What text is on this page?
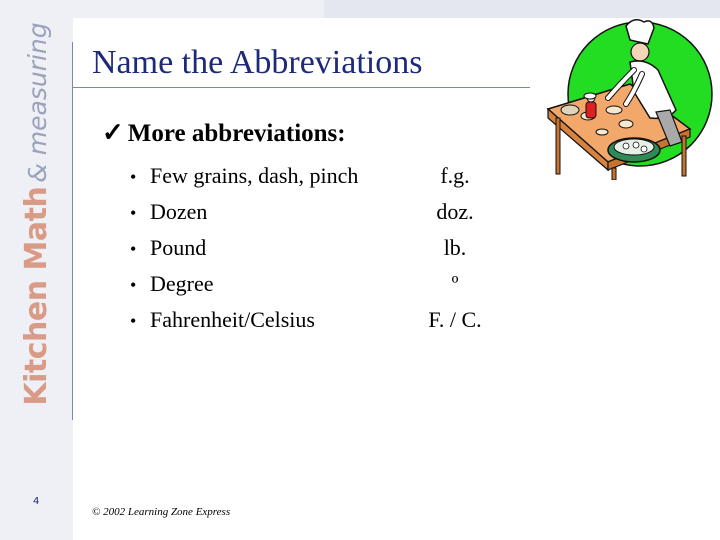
Kitchen Math& measuring Name the Abbreviations
✓ More abbreviations:
• Few grains, dash, pinch
• Dozen
• Pound
• Degree
• Fahrenheit/Celsius
f.g.
doz.
lb.
º
F. / C.
4
© 2002 Learning Zone Express
